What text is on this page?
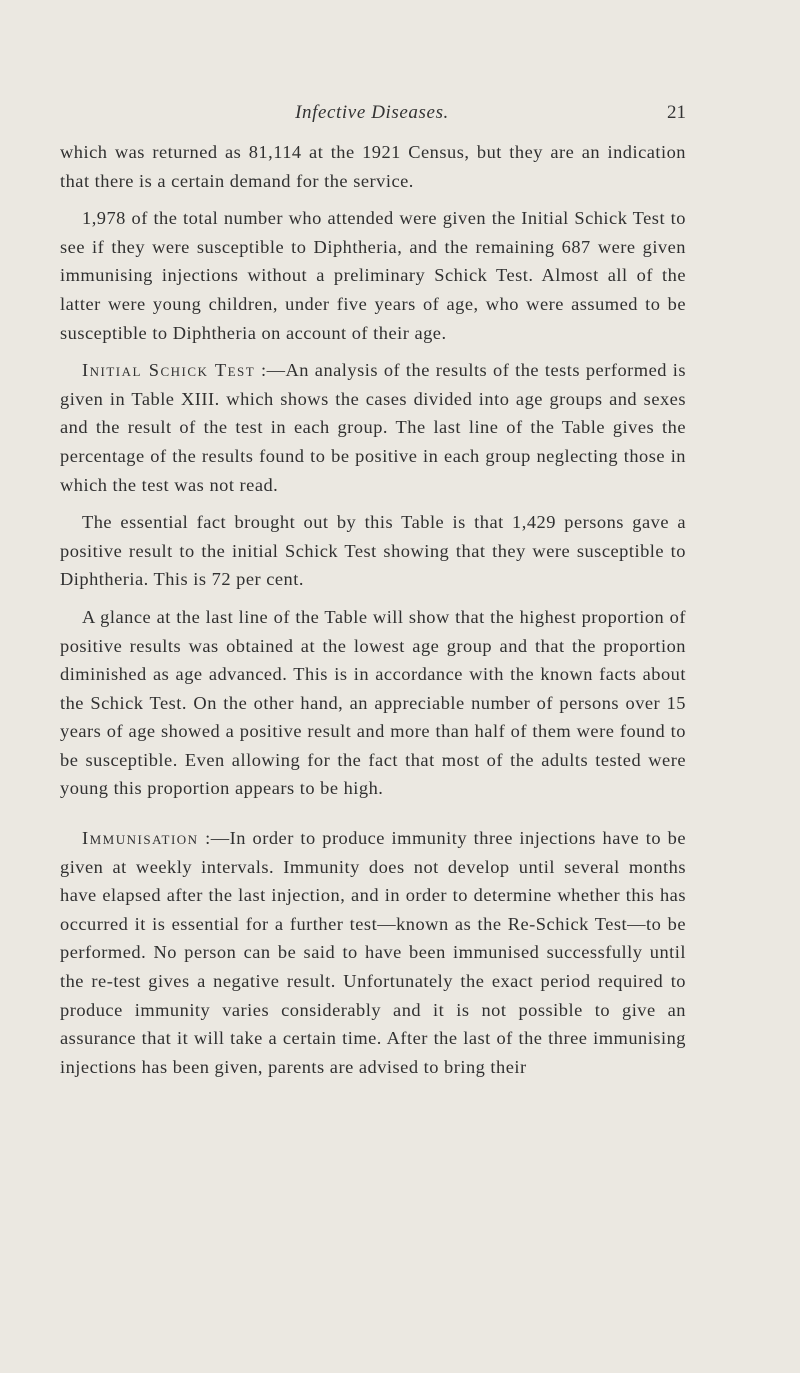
Infective Diseases.	21

which was returned as 81,114 at the 1921 Census, but they are an indication that there is a certain demand for the service.

1,978 of the total number who attended were given the Initial Schick Test to see if they were susceptible to Diphtheria, and the remaining 687 were given immunising injections without a preliminary Schick Test. Almost all of the latter were young children, under five years of age, who were assumed to be susceptible to Diphtheria on account of their age.

Initial Schick Test :—An analysis of the results of the tests performed is given in Table XIII. which shows the cases divided into age groups and sexes and the result of the test in each group. The last line of the Table gives the percentage of the results found to be positive in each group neglecting those in which the test was not read.

The essential fact brought out by this Table is that 1,429 persons gave a positive result to the initial Schick Test showing that they were susceptible to Diphtheria. This is 72 per cent.

A glance at the last line of the Table will show that the highest proportion of positive results was obtained at the lowest age group and that the proportion diminished as age advanced. This is in accordance with the known facts about the Schick Test. On the other hand, an appreciable number of persons over 15 years of age showed a positive result and more than half of them were found to be susceptible. Even allowing for the fact that most of the adults tested were young this proportion appears to be high.

Immunisation :—In order to produce immunity three injections have to be given at weekly intervals. Immunity does not develop until several months have elapsed after the last injection, and in order to determine whether this has occurred it is essential for a further test—known as the Re-Schick Test—to be performed. No person can be said to have been immunised successfully until the re-test gives a negative result. Unfortunately the exact period required to produce immunity varies considerably and it is not possible to give an assurance that it will take a certain time. After the last of the three immunising injections has been given, parents are advised to bring their
